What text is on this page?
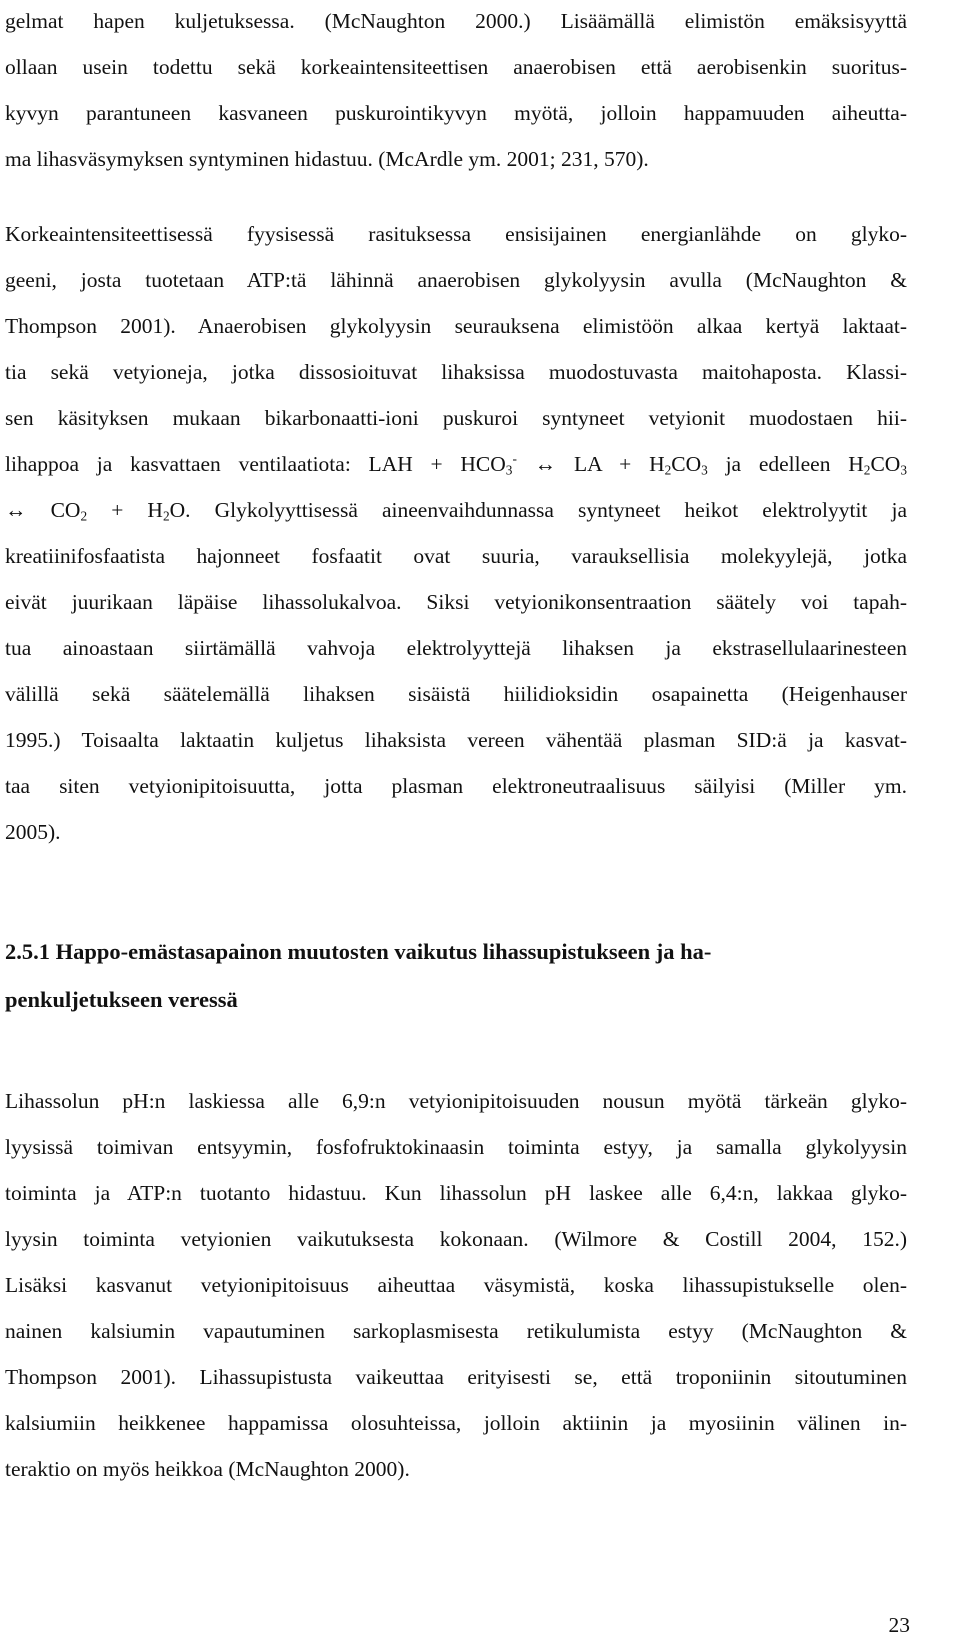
gelmat hapen kuljetuksessa. (McNaughton 2000.) Lisäämällä elimistön emäksisyyttä
ollaan usein todettu sekä korkeaintensiteettisen anaerobisen että aerobisenkin suoritus-
kyvyn parantuneen kasvaneen puskurointikyvyn myötä, jolloin happamuuden aiheutta-
ma lihasväsymyksen syntyminen hidastuu. (McArdle ym. 2001; 231, 570).
Korkeaintensiteettisessä fyysisessä rasituksessa ensisijainen energianlähde on glyko-
geeni, josta tuotetaan ATP:tä lähinnä anaerobisen glykolyysin avulla (McNaughton &
Thompson 2001). Anaerobisen glykolyysin seurauksena elimistöön alkaa kertyä laktaat-
tia sekä vetyioneja, jotka dissosioituvat lihaksissa muodostuvasta maitohaposta. Klassi-
sen käsityksen mukaan bikarbonaatti-ioni puskuroi syntyneet vetyionit muodostaen hii-
lihappoa ja kasvattaen ventilaatiota: LAH + $HCO_3^-$ ↔ LA + $H_2CO_3$ ja edelleen $H_2CO_3$
↔ $CO_2 + H_2O$. Glykolyyttisessä aineenvaihdunnassa syntyneet heikot elektrolyytit ja
kreatiinifosfaatista hajonneet fosfaatit ovat suuria, varauksellisia molekyylejä, jotka
eivät juurikaan läpäise lihassolukalvoa. Siksi vetyionikonsentraation säätely voi tapah-
tua ainoastaan siirtämällä vahvoja elektrolyyttejä lihaksen ja ekstrasellulaarinesteen
välillä sekä säätelemällä lihaksen sisäistä hiilidioksidin osapainetta (Heigenhauser
1995.) Toisaalta laktaatin kuljetus lihaksista vereen vähentää plasman SID:ä ja kasvat-
taa siten vetyionipitoisuutta, jotta plasman elektroneutraalisuus säilyisi (Miller ym.
2005).
2.5.1 Happo-emästasapainon muutosten vaikutus lihassupistukseen ja ha-
penkuljetukseen veressä
Lihassolun pH:n laskiessa alle 6,9:n vetyionipitoisuuden nousun myötä tärkeän glyko-
lyysissä toimivan entsyymin, fosfofruktokinaasin toiminta estyy, ja samalla glykolyysin
toiminta ja ATP:n tuotanto hidastuu. Kun lihassolun pH laskee alle 6,4:n, lakkaa glyko-
lyysin toiminta vetyionien vaikutuksesta kokonaan. (Wilmore & Costill 2004, 152.)
Lisäksi kasvanut vetyionipitoisuus aiheuttaa väsymistä, koska lihassupistukselle olen-
nainen kalsiumin vapautuminen sarkoplasmisesta retikulumista estyy (McNaughton &
Thompson 2001). Lihassupistusta vaikeuttaa erityisesti se, että troponiinin sitoutuminen
kalsiumiin heikkenee happamissa olosuhteissa, jolloin aktiinin ja myosiinin välinen in-
teraktio on myös heikkoa (McNaughton 2000).
23
